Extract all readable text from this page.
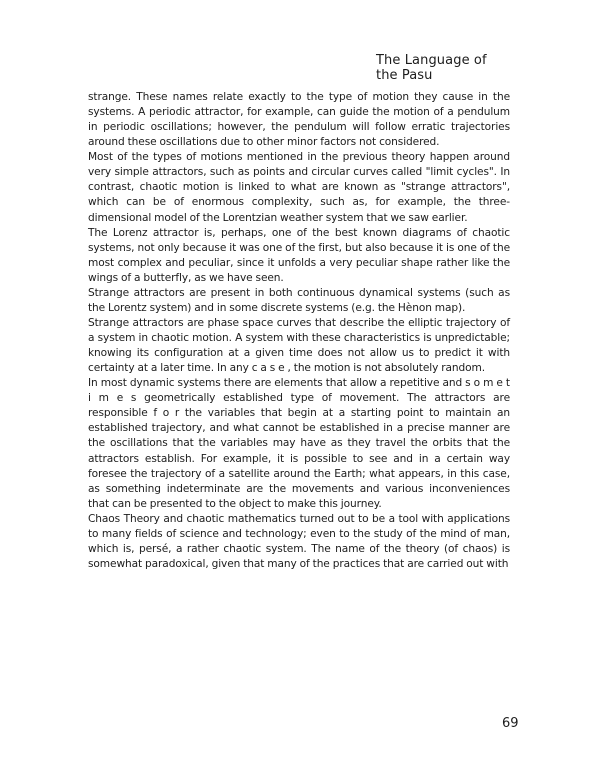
The Language of
the Pasu

strange. These names relate exactly to the type of motion they cause in the systems. A periodic attractor, for example, can guide the motion of a pendulum in periodic oscillations; however, the pendulum will follow erratic trajectories around these oscillations due to other minor factors not considered.

Most of the types of motions mentioned in the previous theory happen around very simple attractors, such as points and circular curves called "limit cycles". In contrast, chaotic motion is linked to what are known as "strange attractors", which can be of enormous complexity, such as, for example, the three-dimensional model of the Lorentzian weather system that we saw earlier.

The Lorenz attractor is, perhaps, one of the best known diagrams of chaotic systems, not only because it was one of the first, but also because it is one of the most complex and peculiar, since it unfolds a very peculiar shape rather like the wings of a butterfly, as we have seen.

Strange attractors are present in both continuous dynamical systems (such as the Lorentz system) and in some discrete systems (e.g. the Hènon map).

Strange attractors are phase space curves that describe the elliptic trajectory of a system in chaotic motion. A system with these characteristics is unpredictable; knowing its configuration at a given time does not allow us to predict it with certainty at a later time. In any c a s e , the motion is not absolutely random.

In most dynamic systems there are elements that allow a repetitive and s o m e t i m e s geometrically established type of movement. The attractors are responsible f o r the variables that begin at a starting point to maintain an established trajectory, and what cannot be established in a precise manner are the oscillations that the variables may have as they travel the orbits that the attractors establish. For example, it is possible to see and in a certain way foresee the trajectory of a satellite around the Earth; what appears, in this case, as something indeterminate are the movements and various inconveniences that can be presented to the object to make this journey.

Chaos Theory and chaotic mathematics turned out to be a tool with applications to many fields of science and technology; even to the study of the mind of man, which is, persé, a rather chaotic system. The name of the theory (of chaos) is somewhat paradoxical, given that many of the practices that are carried out with

69
